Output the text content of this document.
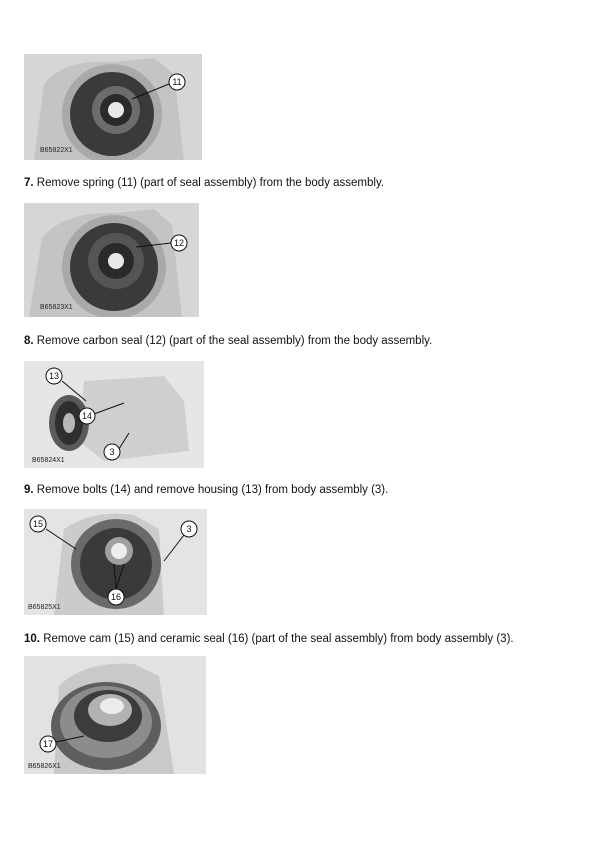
11
B65822X1
7. Remove spring (11) (part of seal assembly) from the body assembly.
12
B65823X1
8. Remove carbon seal (12) (part of the seal assembly) from the body assembly.
13
14
3
B65824X1
9. Remove bolts (14) and remove housing (13) from body assembly (3).
15	3
16
B65825X1
10. Remove cam (15) and ceramic seal (16) (part of the seal assembly) from body assembly (3).
17
B65826X1
